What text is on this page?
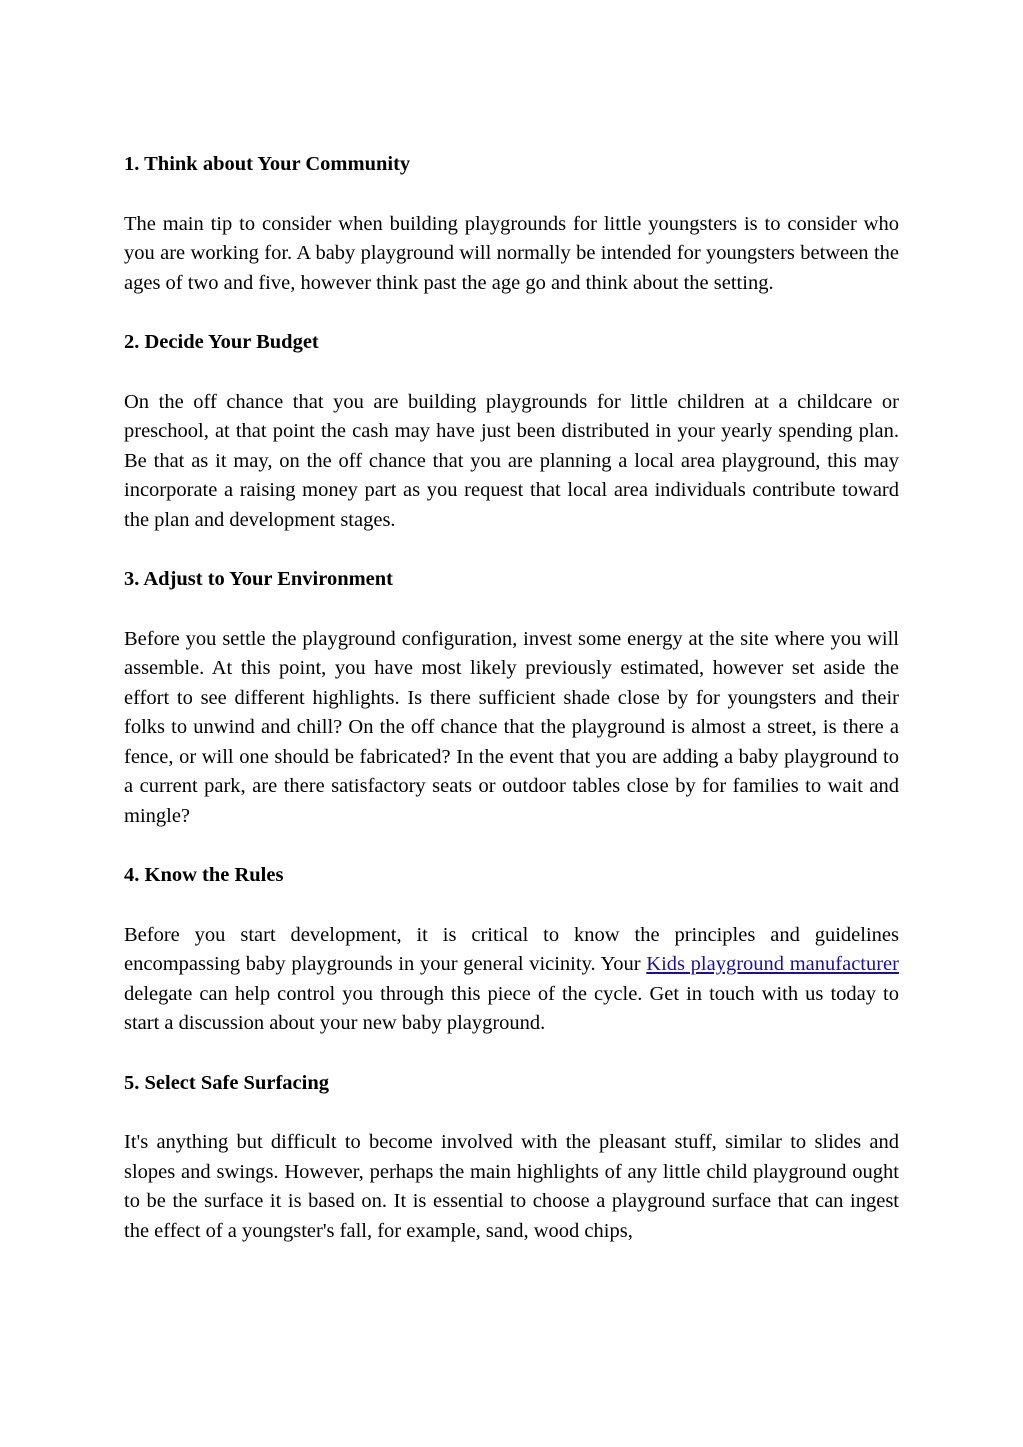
1. Think about Your Community
The main tip to consider when building playgrounds for little youngsters is to consider who you are working for. A baby playground will normally be intended for youngsters between the ages of two and five, however think past the age go and think about the setting.
2. Decide Your Budget
On the off chance that you are building playgrounds for little children at a childcare or preschool, at that point the cash may have just been distributed in your yearly spending plan. Be that as it may, on the off chance that you are planning a local area playground, this may incorporate a raising money part as you request that local area individuals contribute toward the plan and development stages.
3. Adjust to Your Environment
Before you settle the playground configuration, invest some energy at the site where you will assemble. At this point, you have most likely previously estimated, however set aside the effort to see different highlights. Is there sufficient shade close by for youngsters and their folks to unwind and chill? On the off chance that the playground is almost a street, is there a fence, or will one should be fabricated? In the event that you are adding a baby playground to a current park, are there satisfactory seats or outdoor tables close by for families to wait and mingle?
4. Know the Rules
Before you start development, it is critical to know the principles and guidelines encompassing baby playgrounds in your general vicinity. Your Kids playground manufacturer delegate can help control you through this piece of the cycle. Get in touch with us today to start a discussion about your new baby playground.
5. Select Safe Surfacing
It's anything but difficult to become involved with the pleasant stuff, similar to slides and slopes and swings. However, perhaps the main highlights of any little child playground ought to be the surface it is based on. It is essential to choose a playground surface that can ingest the effect of a youngster's fall, for example, sand, wood chips,
